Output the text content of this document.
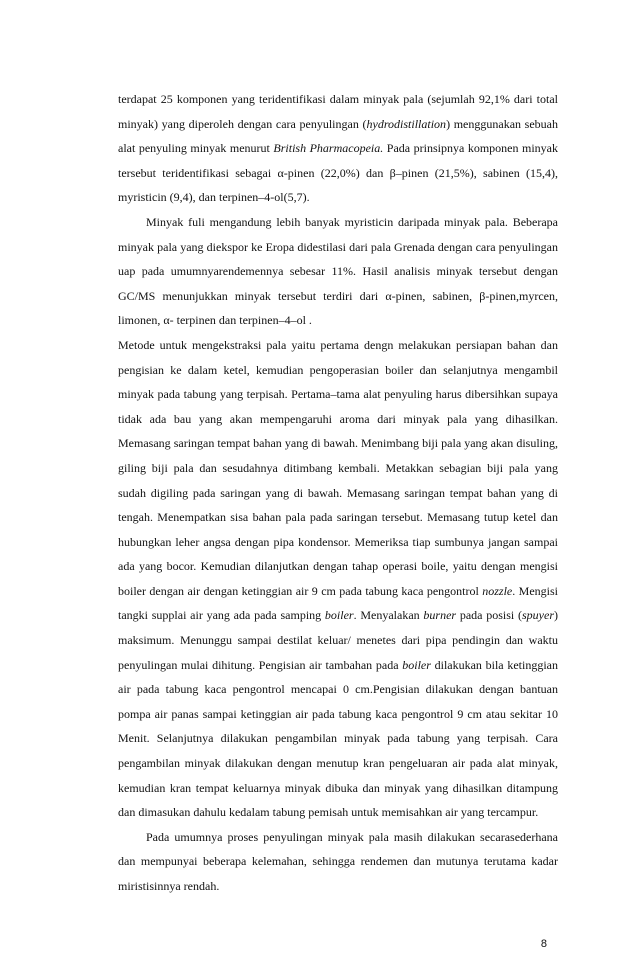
terdapat 25 komponen yang teridentifikasi dalam minyak pala (sejumlah 92,1% dari total minyak) yang diperoleh dengan cara penyulingan (hydrodistillation) menggunakan sebuah alat penyuling minyak menurut British Pharmacopeia. Pada prinsipnya komponen minyak tersebut teridentifikasi sebagai α-pinen (22,0%) dan β–pinen (21,5%), sabinen (15,4), myristicin (9,4), dan terpinen–4-ol(5,7).

Minyak fuli mengandung lebih banyak myristicin daripada minyak pala. Beberapa minyak pala yang diekspor ke Eropa didestilasi dari pala Grenada dengan cara penyulingan uap pada umumnyarendemennya sebesar 11%. Hasil analisis minyak tersebut dengan GC/MS menunjukkan minyak tersebut terdiri dari α-pinen, sabinen, β-pinen,myrcen, limonen, α- terpinen dan terpinen–4–ol .

Metode untuk mengekstraksi pala yaitu pertama dengn melakukan persiapan bahan dan pengisian ke dalam ketel, kemudian pengoperasian boiler dan selanjutnya mengambil minyak pada tabung yang terpisah. Pertama–tama alat penyuling harus dibersihkan supaya tidak ada bau yang akan mempengaruhi aroma dari minyak pala yang dihasilkan. Memasang saringan tempat bahan yang di bawah. Menimbang biji pala yang akan disuling, giling biji pala dan sesudahnya ditimbang kembali. Metakkan sebagian biji pala yang sudah digiling pada saringan yang di bawah. Memasang saringan tempat bahan yang di tengah. Menempatkan sisa bahan pala pada saringan tersebut. Memasang tutup ketel dan hubungkan leher angsa dengan pipa kondensor. Memeriksa tiap sumbunya jangan sampai ada yang bocor. Kemudian dilanjutkan dengan tahap operasi boile, yaitu dengan mengisi boiler dengan air dengan ketinggian air 9 cm pada tabung kaca pengontrol nozzle. Mengisi tangki supplai air yang ada pada samping boiler. Menyalakan burner pada posisi (spuyer) maksimum. Menunggu sampai destilat keluar/ menetes dari pipa pendingin dan waktu penyulingan mulai dihitung. Pengisian air tambahan pada boiler dilakukan bila ketinggian air pada tabung kaca pengontrol mencapai 0 cm.Pengisian dilakukan dengan bantuan pompa air panas sampai ketinggian air pada tabung kaca pengontrol 9 cm atau sekitar 10 Menit. Selanjutnya dilakukan pengambilan minyak pada tabung yang terpisah. Cara pengambilan minyak dilakukan dengan menutup kran pengeluaran air pada alat minyak, kemudian kran tempat keluarnya minyak dibuka dan minyak yang dihasilkan ditampung dan dimasukan dahulu kedalam tabung pemisah untuk memisahkan air yang tercampur.

Pada umumnya proses penyulingan minyak pala masih dilakukan secarasederhana dan mempunyai beberapa kelemahan, sehingga rendemen dan mutunya terutama kadar miristisinnya rendah.

8
